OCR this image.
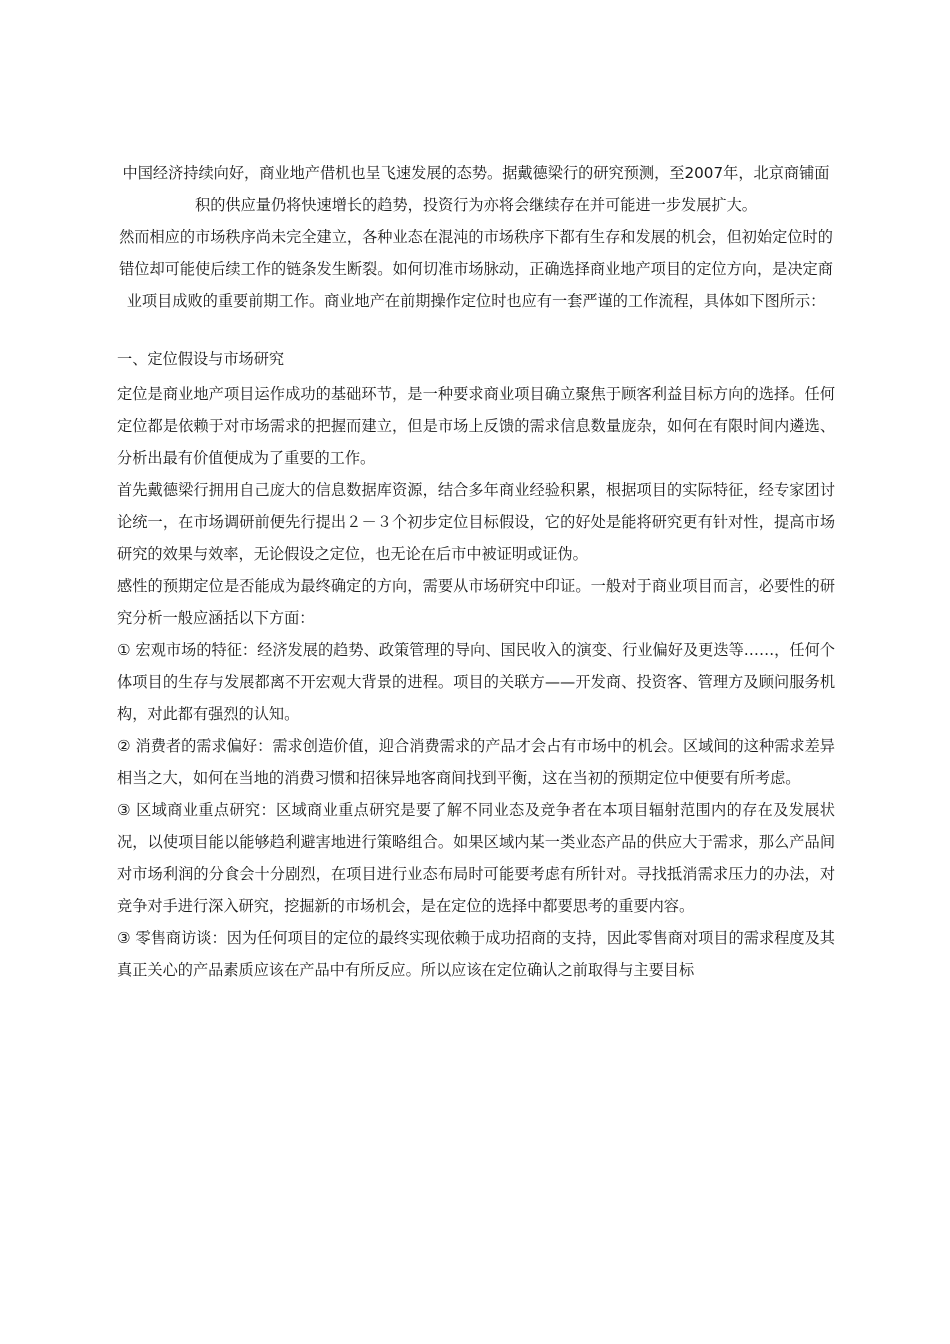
中国经济持续向好，商业地产借机也呈飞速发展的态势。据戴德梁行的研究预测，至2007年，北京商铺面积的供应量仍将快速增长的趋势，投资行为亦将会继续存在并可能进一步发展扩大。

然而相应的市场秩序尚未完全建立，各种业态在混沌的市场秩序下都有生存和发展的机会，但初始定位时的错位却可能使后续工作的链条发生断裂。如何切准市场脉动，正确选择商业地产项目的定位方向，是决定商业项目成败的重要前期工作。商业地产在前期操作定位时也应有一套严谨的工作流程，具体如下图所示：

一、定位假设与市场研究

定位是商业地产项目运作成功的基础环节，是一种要求商业项目确立聚焦于顾客利益目标方向的选择。任何定位都是依赖于对市场需求的把握而建立，但是市场上反馈的需求信息数量庞杂，如何在有限时间内遴选、分析出最有价值便成为了重要的工作。

首先戴德梁行拥用自己庞大的信息数据库资源，结合多年商业经验积累，根据项目的实际特征，经专家团讨论统一，在市场调研前便先行提出２－３个初步定位目标假设，它的好处是能将研究更有针对性，提高市场研究的效果与效率，无论假设之定位，也无论在后市中被证明或证伪。

感性的预期定位是否能成为最终确定的方向，需要从市场研究中印证。一般对于商业项目而言，必要性的研究分析一般应涵括以下方面：

① 宏观市场的特征：经济发展的趋势、政策管理的导向、国民收入的演变、行业偏好及更迭等……，任何个体项目的生存与发展都离不开宏观大背景的进程。项目的关联方——开发商、投资客、管理方及顾问服务机构，对此都有强烈的认知。

② 消费者的需求偏好：需求创造价值，迎合消费需求的产品才会占有市场中的机会。区域间的这种需求差异相当之大，如何在当地的消费习惯和招徕异地客商间找到平衡，这在当初的预期定位中便要有所考虑。

③ 区域商业重点研究：区域商业重点研究是要了解不同业态及竞争者在本项目辐射范围内的存在及发展状况，以使项目能以能够趋利避害地进行策略组合。如果区域内某一类业态产品的供应大于需求，那么产品间对市场利润的分食会十分剧烈，在项目进行业态布局时可能要考虑有所针对。寻找抵消需求压力的办法，对竞争对手进行深入研究，挖掘新的市场机会，是在定位的选择中都要思考的重要内容。

③ 零售商访谈：因为任何项目的定位的最终实现依赖于成功招商的支持，因此零售商对项目的需求程度及其真正关心的产品素质应该在产品中有所反应。所以应该在定位确认之前取得与主要目标
